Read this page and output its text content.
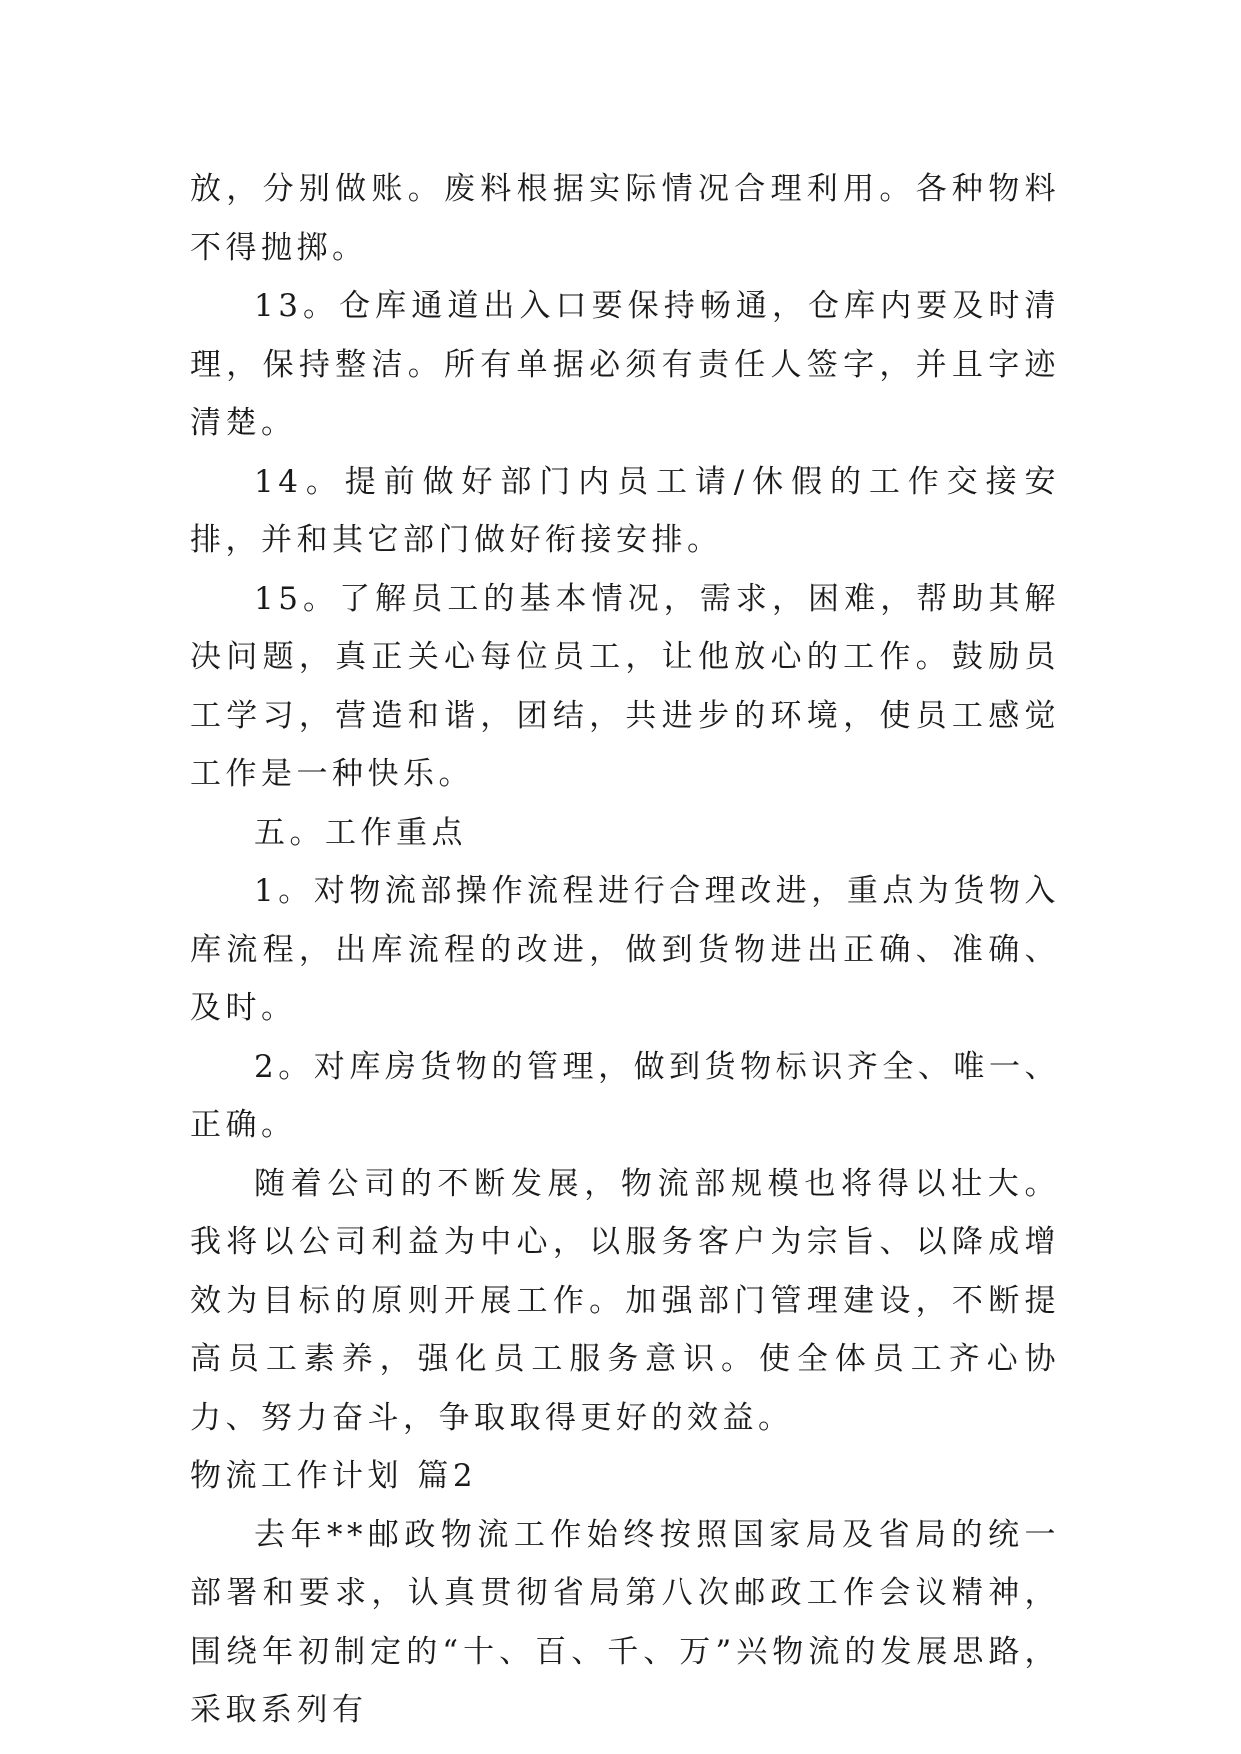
放，分别做账。废料根据实际情况合理利用。各种物料不得抛掷。

13。仓库通道出入口要保持畅通，仓库内要及时清理，保持整洁。所有单据必须有责任人签字，并且字迹清楚。

14。提前做好部门内员工请/休假的工作交接安排，并和其它部门做好衔接安排。

15。了解员工的基本情况，需求，困难，帮助其解决问题，真正关心每位员工，让他放心的工作。鼓励员工学习，营造和谐，团结，共进步的环境，使员工感觉工作是一种快乐。

五。工作重点

1。对物流部操作流程进行合理改进，重点为货物入库流程，出库流程的改进，做到货物进出正确、准确、及时。

2。对库房货物的管理，做到货物标识齐全、唯一、正确。

随着公司的不断发展，物流部规模也将得以壮大。我将以公司利益为中心，以服务客户为宗旨、以降成增效为目标的原则开展工作。加强部门管理建设，不断提高员工素养，强化员工服务意识。使全体员工齐心协力、努力奋斗，争取取得更好的效益。

物流工作计划 篇2

去年**邮政物流工作始终按照国家局及省局的统一部署和要求，认真贯彻省局第八次邮政工作会议精神，围绕年初制定的“十、百、千、万”兴物流的发展思路，采取系列有
